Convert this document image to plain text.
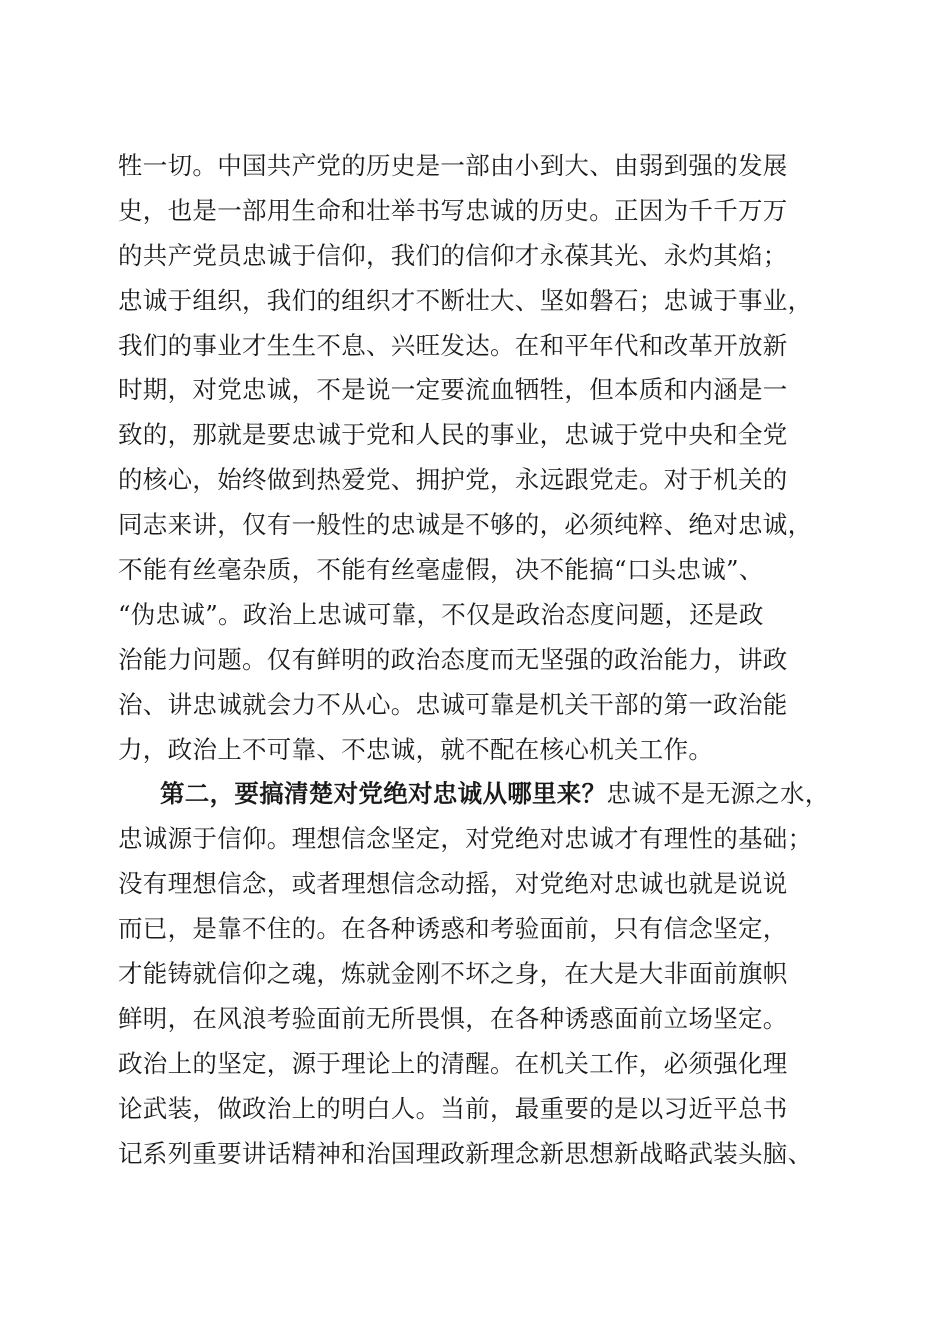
牲一切。中国共产党的历史是一部由小到大、由弱到强的发展
史，也是一部用生命和壮举书写忠诚的历史。正因为千千万万
的共产党员忠诚于信仰，我们的信仰才永葆其光、永灼其焰；
忠诚于组织，我们的组织才不断壮大、坚如磐石；忠诚于事业，
我们的事业才生生不息、兴旺发达。在和平年代和改革开放新
时期，对党忠诚，不是说一定要流血牺牲，但本质和内涵是一
致的，那就是要忠诚于党和人民的事业，忠诚于党中央和全党
的核心，始终做到热爱党、拥护党，永远跟党走。对于机关的
同志来讲，仅有一般性的忠诚是不够的，必须纯粹、绝对忠诚，
不能有丝毫杂质，不能有丝毫虚假，决不能搞“口头忠诚”、
“伪忠诚”。政治上忠诚可靠，不仅是政治态度问题，还是政
治能力问题。仅有鲜明的政治态度而无坚强的政治能力，讲政
治、讲忠诚就会力不从心。忠诚可靠是机关干部的第一政治能
力，政治上不可靠、不忠诚，就不配在核心机关工作。
第二，要搞清楚对党绝对忠诚从哪里来？忠诚不是无源之水，
忠诚源于信仰。理想信念坚定，对党绝对忠诚才有理性的基础；
没有理想信念，或者理想信念动摇，对党绝对忠诚也就是说说
而已，是靠不住的。在各种诱惑和考验面前，只有信念坚定，
才能铸就信仰之魂，炼就金刚不坏之身，在大是大非面前旗帜
鲜明，在风浪考验面前无所畏惧，在各种诱惑面前立场坚定。
政治上的坚定，源于理论上的清醒。在机关工作，必须强化理
论武装，做政治上的明白人。当前，最重要的是以习近平总书
记系列重要讲话精神和治国理政新理念新思想新战略武装头脑、
